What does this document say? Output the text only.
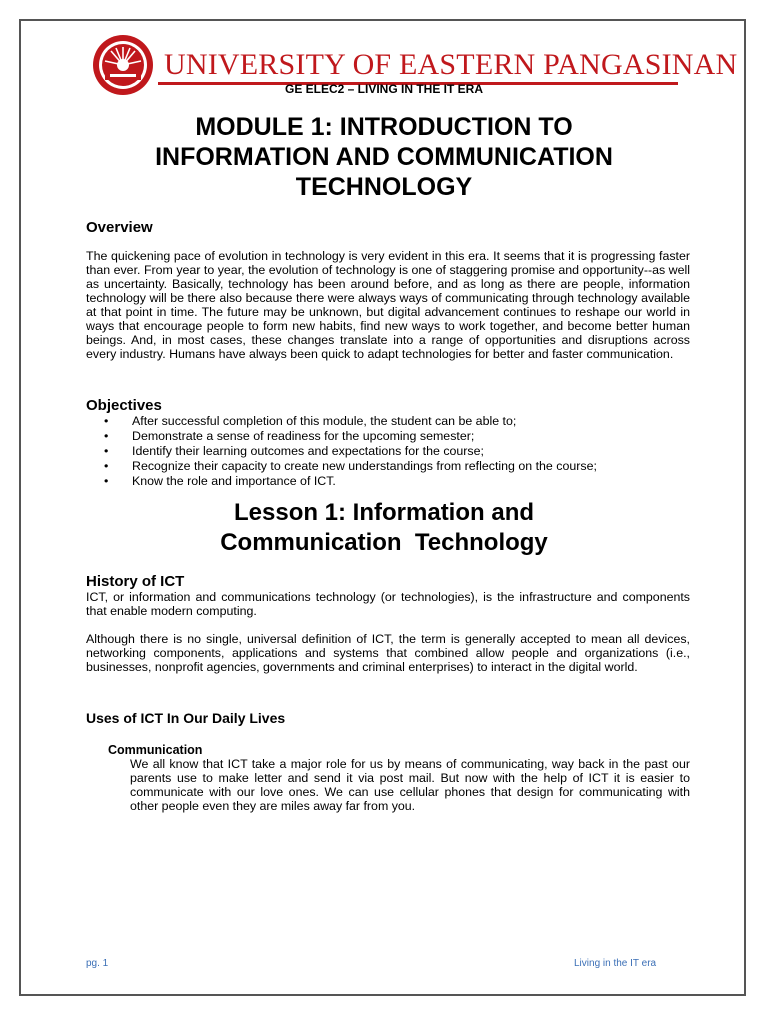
UNIVERSITY OF EASTERN PANGASINAN
GE ELEC2 – LIVING IN THE IT ERA
MODULE 1: INTRODUCTION TO
INFORMATION AND COMMUNICATION
TECHNOLOGY
Overview

The quickening pace of evolution in technology is very evident in this era. It seems that it is progressing faster than ever. From year to year, the evolution of technology is one of staggering promise and opportunity--as well as uncertainty. Basically, technology has been around before, and as long as there are people, information technology will be there also because there were always ways of communicating through technology available at that point in time. The future may be unknown, but digital advancement continues to reshape our world in ways that encourage people to form new habits, find new ways to work together, and become better human beings. And, in most cases, these changes translate into a range of opportunities and disruptions across every industry. Humans have always been quick to adapt technologies for better and faster communication.

Objectives
• After successful completion of this module, the student can be able to;
• Demonstrate a sense of readiness for the upcoming semester;
• Identify their learning outcomes and expectations for the course;
• Recognize their capacity to create new understandings from reflecting on the course;
• Know the role and importance of ICT.
Lesson 1: Information and
Communication  Technology
History of ICT

ICT, or information and communications technology (or technologies), is the infrastructure and components that enable modern computing.

Although there is no single, universal definition of ICT, the term is generally accepted to mean all devices, networking components, applications and systems that combined allow people and organizations (i.e., businesses, nonprofit agencies, governments and criminal enterprises) to interact in the digital world.

Uses of ICT In Our Daily Lives
Communication

We all know that ICT take a major role for us by means of communicating, way back in the past our parents use to make letter and send it via post mail. But now with the help of ICT it is easier to communicate with our love ones. We can use cellular phones that design for communicating with other people even they are miles away far from you.

pg. 1	Living in the IT era
